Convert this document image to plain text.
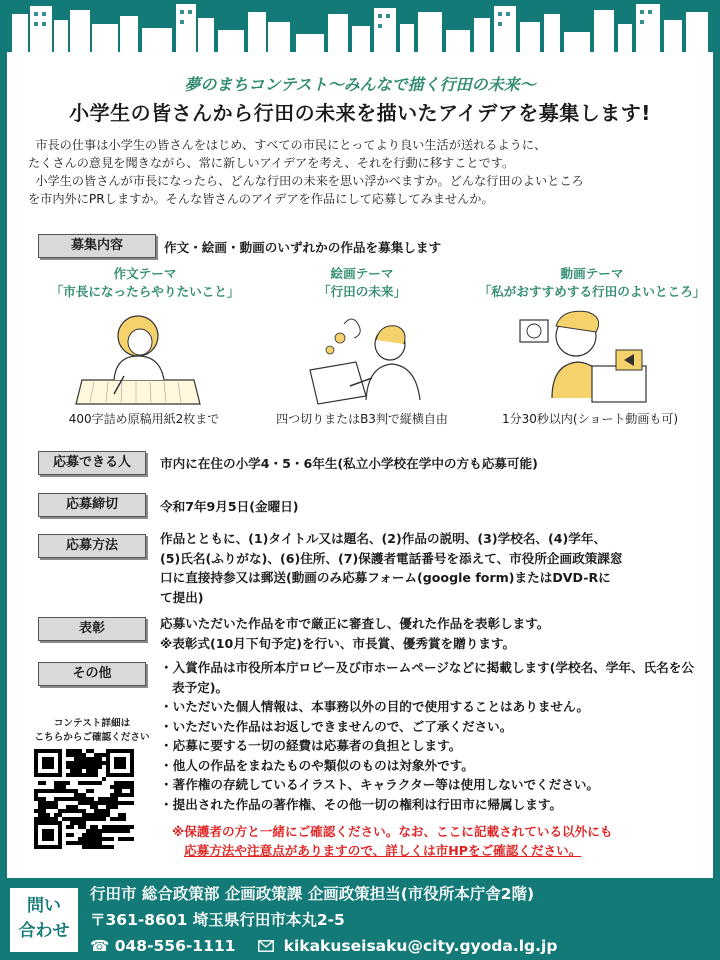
夢のまちコンテスト〜みんなで描く行田の未来〜
小学生の皆さんから行田の未来を描いたアイデアを募集します!

市長の仕事は小学生の皆さんをはじめ、すべての市民にとってより良い生活が送れるように、

たくさんの意見を聞きながら、常に新しいアイデアを考え、それを行動に移すことです。

小学生の皆さんが市長になったら、どんな行田の未来を思い浮かべますか。どんな行田のよいところ

を市内外にPRしますか。そんな皆さんのアイデアを作品にして応募してみませんか。
募集内容	作文・絵画・動画のいずれかの作品を募集します
作文テーマ
「市長になったらやりたいこと」
絵画テーマ
「行田の未来」
動画テーマ
「私がおすすめする行田のよいところ」
400字詰め原稿用紙2枚まで	四つ切りまたはB3判で縦横自由	1分30秒以内(ショート動画も可)
応募できる人	市内に在住の小学4・5・6年生(私立小学校在学中の方も応募可能)
応募締切	令和7年9月5日(金曜日)
応募方法	作品とともに、(1)タイトル又は題名、(2)作品の説明、(3)学校名、(4)学年、
(5)氏名(ふりがな)、(6)住所、(7)保護者電話番号を添えて、市役所企画政策課窓
口に直接持参又は郵送(動画のみ応募フォーム(google form)またはDVD-Rに
て提出)
表彰	応募いただいた作品を市で厳正に審査し、優れた作品を表彰します。
※表彰式(10月下旬予定)を行い、市長賞、優秀賞を贈ります。
その他	・入賞作品は市役所本庁ロビー及び市ホームページなどに掲載します(学校名、学年、氏名を公表予定)。
・いただいた個人情報は、本事務以外の目的で使用することはありません。
・いただいた作品はお返しできませんので、ご了承ください。
・応募に要する一切の経費は応募者の負担とします。
・他人の作品をまねたものや類似のものは対象外です。
・著作権の存続しているイラスト、キャラクター等は使用しないでください。
・提出された作品の著作権、その他一切の権利は行田市に帰属します。
※保護者の方と一緒にご確認ください。なお、ここに記載されている以外にも
応募方法や注意点がありますので、詳しくは市HPをご確認ください。
コンテスト詳細は
こちらからご確認ください
問い
合わせ
行田市 総合政策部 企画政策課 企画政策担当(市役所本庁舎2階)
〒361-8601 埼玉県行田市本丸2-5
☎ 048-556-1111	kikakuseisaku@city.gyoda.lg.jp
